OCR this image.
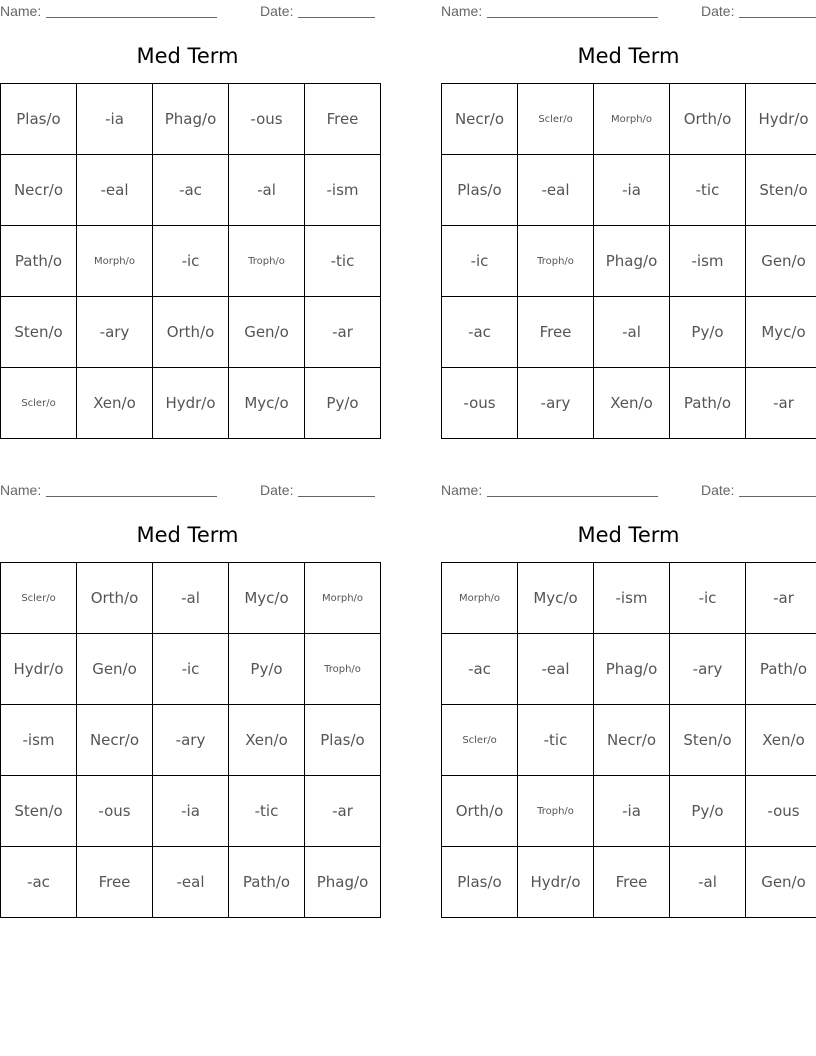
Name:	Date:
Med Term
Plas/o	-ia	Phag/o	-ous	Free
Necr/o	-eal	-ac	-al	-ism
Path/o	Morph/o	-ic	Troph/o	-tic
Sten/o	-ary	Orth/o	Gen/o	-ar
Scler/o	Xen/o	Hydr/o	Myc/o	Py/o
Name:	Date:
Med Term
Necr/o	Scler/o	Morph/o	Orth/o	Hydr/o
Plas/o	-eal	-ia	-tic	Sten/o
-ic	Troph/o	Phag/o	-ism	Gen/o
-ac	Free	-al	Py/o	Myc/o
-ous	-ary	Xen/o	Path/o	-ar
Name:	Date:
Med Term
Scler/o	Orth/o	-al	Myc/o	Morph/o
Hydr/o	Gen/o	-ic	Py/o	Troph/o
-ism	Necr/o	-ary	Xen/o	Plas/o
Sten/o	-ous	-ia	-tic	-ar
-ac	Free	-eal	Path/o	Phag/o
Name:	Date:
Med Term
Morph/o	Myc/o	-ism	-ic	-ar
-ac	-eal	Phag/o	-ary	Path/o
Scler/o	-tic	Necr/o	Sten/o	Xen/o
Orth/o	Troph/o	-ia	Py/o	-ous
Plas/o	Hydr/o	Free	-al	Gen/o
